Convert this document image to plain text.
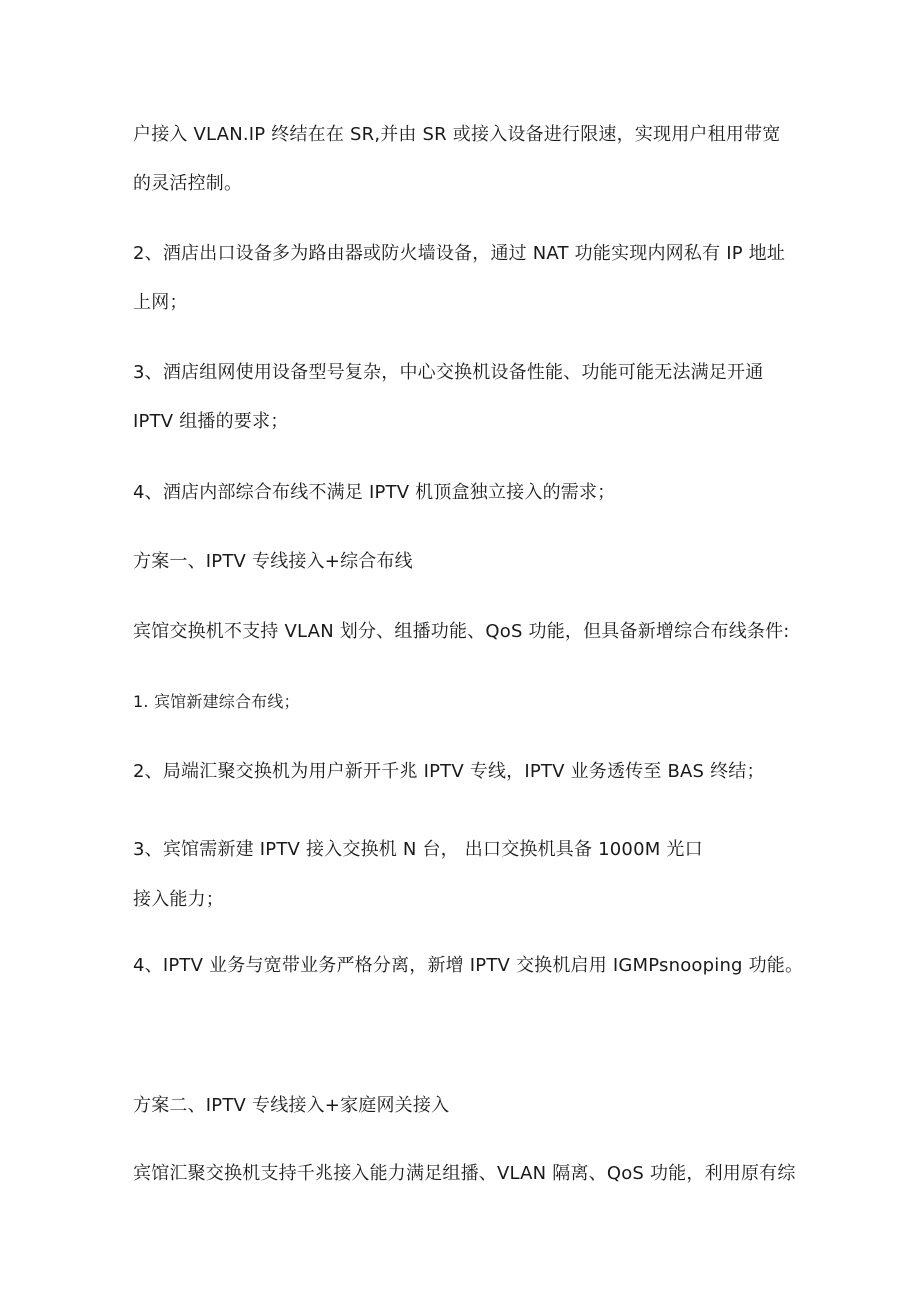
户接入 VLAN.IP 终结在在 SR,并由 SR 或接入设备进行限速，实现用户租用带宽
的灵活控制。
2、酒店出口设备多为路由器或防火墙设备，通过 NAT 功能实现内网私有 IP 地址
上网；
3、酒店组网使用设备型号复杂，中心交换机设备性能、功能可能无法满足开通
IPTV 组播的要求；
4、酒店内部综合布线不满足 IPTV 机顶盒独立接入的需求；
方案一、IPTV 专线接入+综合布线
宾馆交换机不支持 VLAN 划分、组播功能、QoS 功能，但具备新增综合布线条件:
1. 宾馆新建综合布线；
2、局端汇聚交换机为用户新开千兆 IPTV 专线，IPTV 业务透传至 BAS 终结；
3、宾馆需新建 IPTV 接入交换机 N 台， 出口交换机具备 1000M 光口
接入能力；
4、IPTV 业务与宽带业务严格分离，新增 IPTV 交换机启用 IGMPsnooping 功能。
方案二、IPTV 专线接入+家庭网关接入
宾馆汇聚交换机支持千兆接入能力满足组播、VLAN 隔离、QoS 功能，利用原有综
